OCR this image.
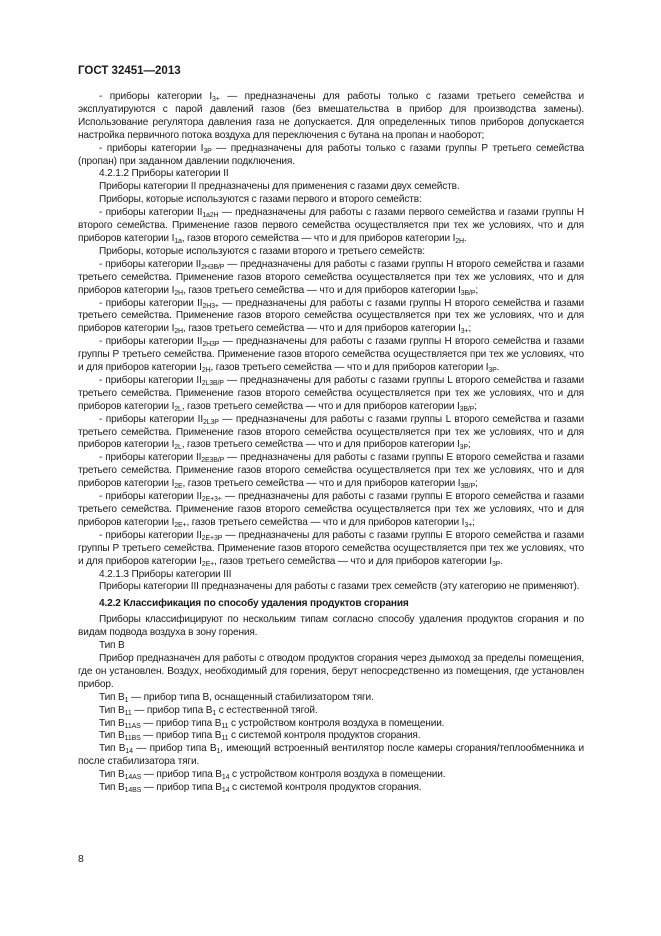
ГОСТ 32451—2013

- приборы категории $I_{3+}$ — предназначены для работы только с газами третьего семейства и эксплуатируются с парой давлений газов (без вмешательства в прибор для производства замены). Использование регулятора давления газа не допускается. Для определенных типов приборов допускается настройка первичного потока воздуха для переключения с бутана на пропан и наоборот;

- приборы категории $I_{3P}$ — предназначены для работы только с газами группы Р третьего семейства (пропан) при заданном давлении подключения.

4.2.1.2 Приборы категории II

Приборы категории II предназначены для применения с газами двух семейств.

Приборы, которые используются с газами первого и второго семейств:

- приборы категории $II_{1a2H}$ — предназначены для работы с газами первого семейства и газами группы Н второго семейства. Применение газов первого семейства осуществляется при тех же условиях, что и для приборов категории $I_{1a}$, газов второго семейства — что и для приборов категории $I_{2H}$.

Приборы, которые используются с газами второго и третьего семейств:

- приборы категории $II_{2H3B/P}$ — предназначены для работы с газами группы Н второго семейства и газами третьего семейства. Применение газов второго семейства осуществляется при тех же условиях, что и для приборов категории $I_{2H}$, газов третьего семейства — что и для приборов категории $I_{3B/P}$;

- приборы категории $II_{2H3+}$ — предназначены для работы с газами группы Н второго семейства и газами третьего семейства. Применение газов второго семейства осуществляется при тех же условиях, что и для приборов категории $I_{2H}$, газов третьего семейства — что и для приборов категории $I_{3+}$;

- приборы категории $II_{2H3P}$ — предназначены для работы с газами группы Н второго семейства и газами группы Р третьего семейства. Применение газов второго семейства осуществляется при тех же условиях, что и для приборов категории $I_{2H}$, газов третьего семейства — что и для приборов категории $I_{3P}$.

- приборы категории $II_{2L3B/P}$ — предназначены для работы с газами группы L второго семейства и газами третьего семейства. Применение газов второго семейства осуществляется при тех же условиях, что и для приборов категории $I_{2L}$, газов третьего семейства — что и для приборов категории $I_{3B/P}$;

- приборы категории $II_{2L3P}$ — предназначены для работы с газами группы L второго семейства и газами третьего семейства. Применение газов второго семейства осуществляется при тех же условиях, что и для приборов категории $I_{2L}$, газов третьего семейства — что и для приборов категории $I_{3P}$;

- приборы категории $II_{2E3B/P}$ — предназначены для работы с газами группы Е второго семейства и газами третьего семейства. Применение газов второго семейства осуществляется при тех же условиях, что и для приборов категории $I_{2E}$, газов третьего семейства — что и для приборов категории $I_{3B/P}$;

- приборы категории $II_{2E+3+}$ — предназначены для работы с газами группы Е второго семейства и газами третьего семейства. Применение газов второго семейства осуществляется при тех же условиях, что и для приборов категории $I_{2E+}$, газов третьего семейства — что и для приборов категории $I_{3+}$;

- приборы категории $II_{2E+3P}$ — предназначены для работы с газами группы Е второго семейства и газами группы Р третьего семейства. Применение газов второго семейства осуществляется при тех же условиях, что и для приборов категории $I_{2E+}$, газов третьего семейства — что и для приборов категории $I_{3P}$.

4.2.1.3 Приборы категории III

Приборы категории III предназначены для работы с газами трех семейств (эту категорию не применяют).

4.2.2 Классификация по способу удаления продуктов сгорания

Приборы классифицируют по нескольким типам согласно способу удаления продуктов сгорания и по видам подвода воздуха в зону горения.

Тип В

Прибор предназначен для работы с отводом продуктов сгорания через дымоход за пределы помещения, где он установлен. Воздух, необходимый для горения, берут непосредственно из помещения, где установлен прибор.

Тип $В_1$ — прибор типа В, оснащенный стабилизатором тяги.

Тип $В_{11}$ — прибор типа $В_1$ с естественной тягой.

Тип $В_{11AS}$ — прибор типа $В_{11}$ с устройством контроля воздуха в помещении.

Тип $В_{11BS}$ — прибор типа $В_{11}$ с системой контроля продуктов сгорания.

Тип $В_{14}$ — прибор типа $В_1$, имеющий встроенный вентилятор после камеры сгорания/теплообменника и после стабилизатора тяги.

Тип $В_{14AS}$ — прибор типа $В_{14}$ с устройством контроля воздуха в помещении.

Тип $В_{14BS}$ — прибор типа $В_{14}$ с системой контроля продуктов сгорания.

8
